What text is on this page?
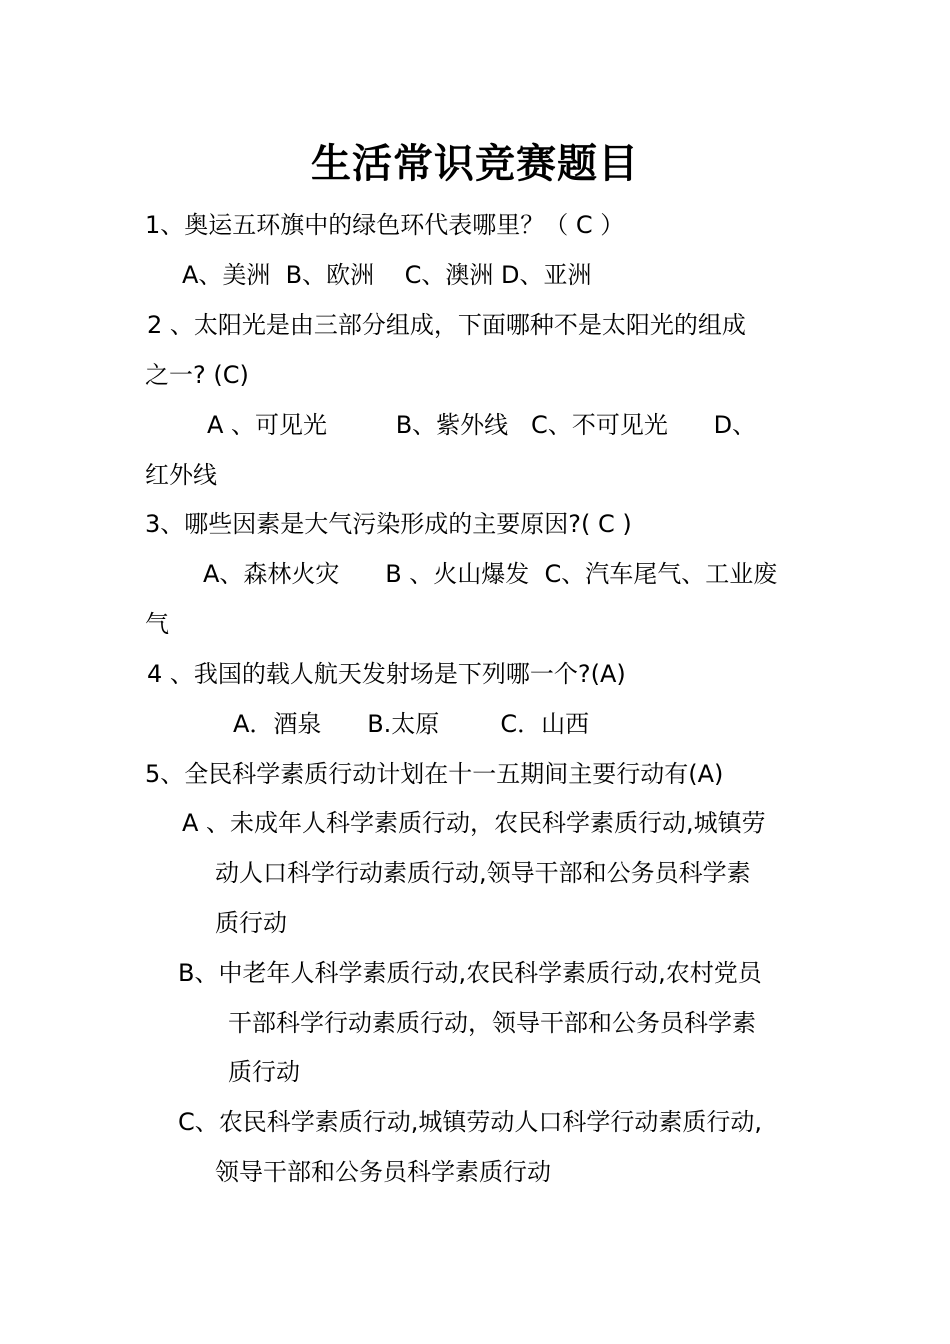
生活常识竞赛题目
1、奥运五环旗中的绿色环代表哪里？（ C ）
A、美洲  B、欧洲    C、澳洲 D、亚洲
2 、太阳光是由三部分组成，下面哪种不是太阳光的组成
之一? (C)
A 、可见光         B、紫外线   C、不可见光      D、
红外线
3、哪些因素是大气污染形成的主要原因?( C )
A、森林火灾      B 、火山爆发  C、汽车尾气、工业废
气
4 、我国的载人航天发射场是下列哪一个?(A)
A．酒泉      B.太原        C．山西
5、全民科学素质行动计划在十一五期间主要行动有(A)
A 、未成年人科学素质行动，农民科学素质行动,城镇劳
动人口科学行动素质行动,领导干部和公务员科学素
质行动
B、中老年人科学素质行动,农民科学素质行动,农村党员
干部科学行动素质行动，领导干部和公务员科学素
质行动
C、农民科学素质行动,城镇劳动人口科学行动素质行动,
领导干部和公务员科学素质行动
